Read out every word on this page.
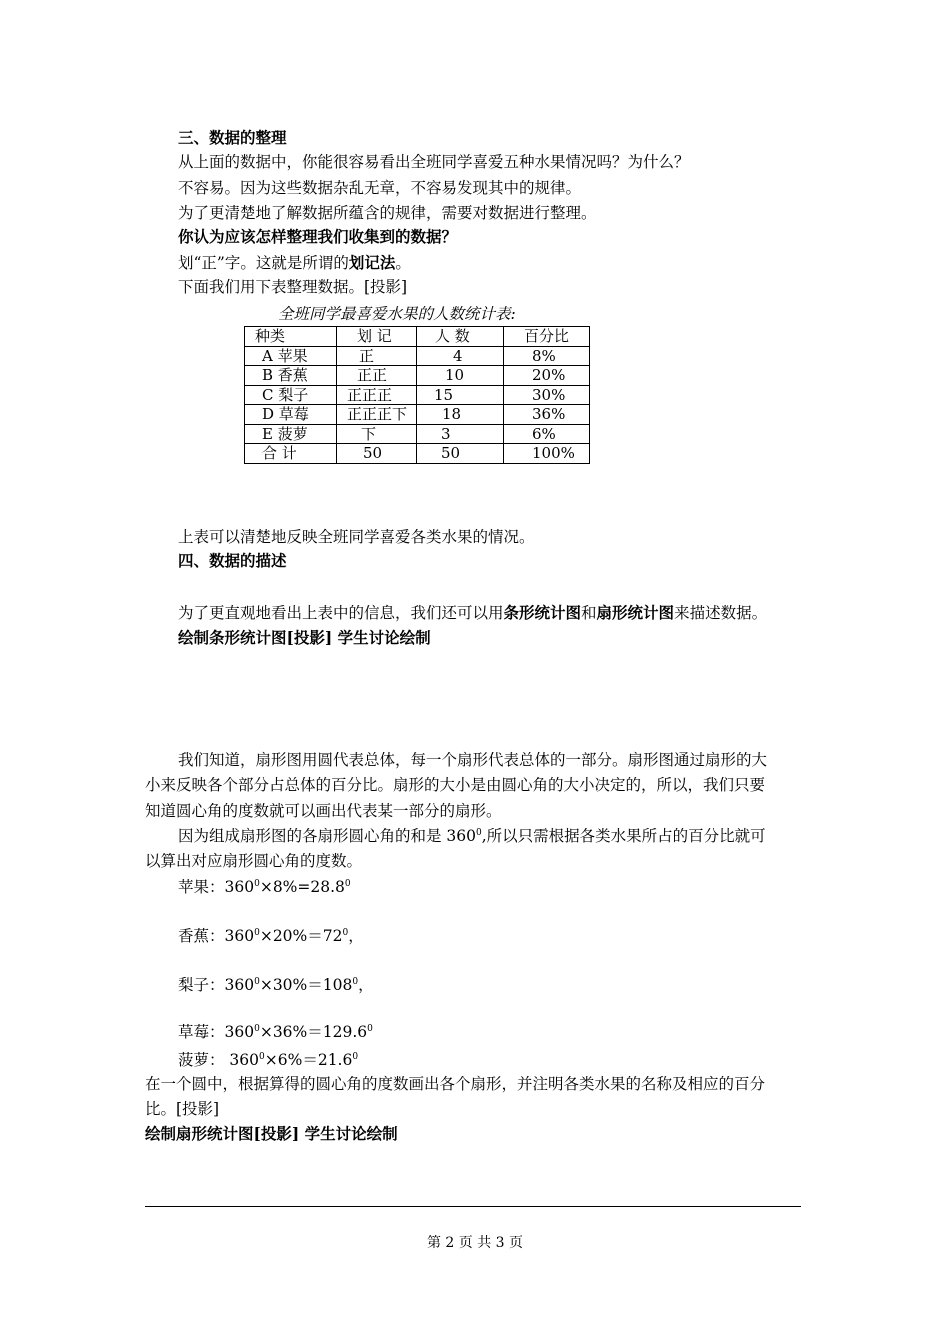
三、数据的整理
从上面的数据中，你能很容易看出全班同学喜爱五种水果情况吗？为什么？
不容易。因为这些数据杂乱无章，不容易发现其中的规律。
为了更清楚地了解数据所蕴含的规律，需要对数据进行整理。
你认为应该怎样整理我们收集到的数据？
划“正”字。这就是所谓的划记法。
下面我们用下表整理数据。[投影]
全班同学最喜爱水果的人数统计表:
种类	划 记	人 数	百分比
A 苹果	正	4	8%
B 香蕉	正正	10	20%
C 梨子	正正正	15	30%
D 草莓	正正正下	18	36%
E 菠萝	下	3	6%
合 计	50	50	100%
上表可以清楚地反映全班同学喜爱各类水果的情况。
四、数据的描述
为了更直观地看出上表中的信息，我们还可以用条形统计图和扇形统计图来描述数据。
绘制条形统计图[投影] 学生讨论绘制
我们知道，扇形图用圆代表总体，每一个扇形代表总体的一部分。扇形图通过扇形的大
小来反映各个部分占总体的百分比。扇形的大小是由圆心角的大小决定的，所以，我们只要
知道圆心角的度数就可以画出代表某一部分的扇形。
因为组成扇形图的各扇形圆心角的和是 $360^0$,所以只需根据各类水果所占的百分比就可
以算出对应扇形圆心角的度数。
苹果：$360^0\times 8\%=28.8^0$
香蕉：$360^0\times 20\%=72^0$，
梨子：$360^0\times 30\%=108^0$，
草莓：$360^0\times 36\%=129.6^0$
菠萝： $360^0\times 6\%=21.6^0$
在一个圆中，根据算得的圆心角的度数画出各个扇形，并注明各类水果的名称及相应的百分
比。[投影]
绘制扇形统计图[投影] 学生讨论绘制
第 2 页 共 3 页
